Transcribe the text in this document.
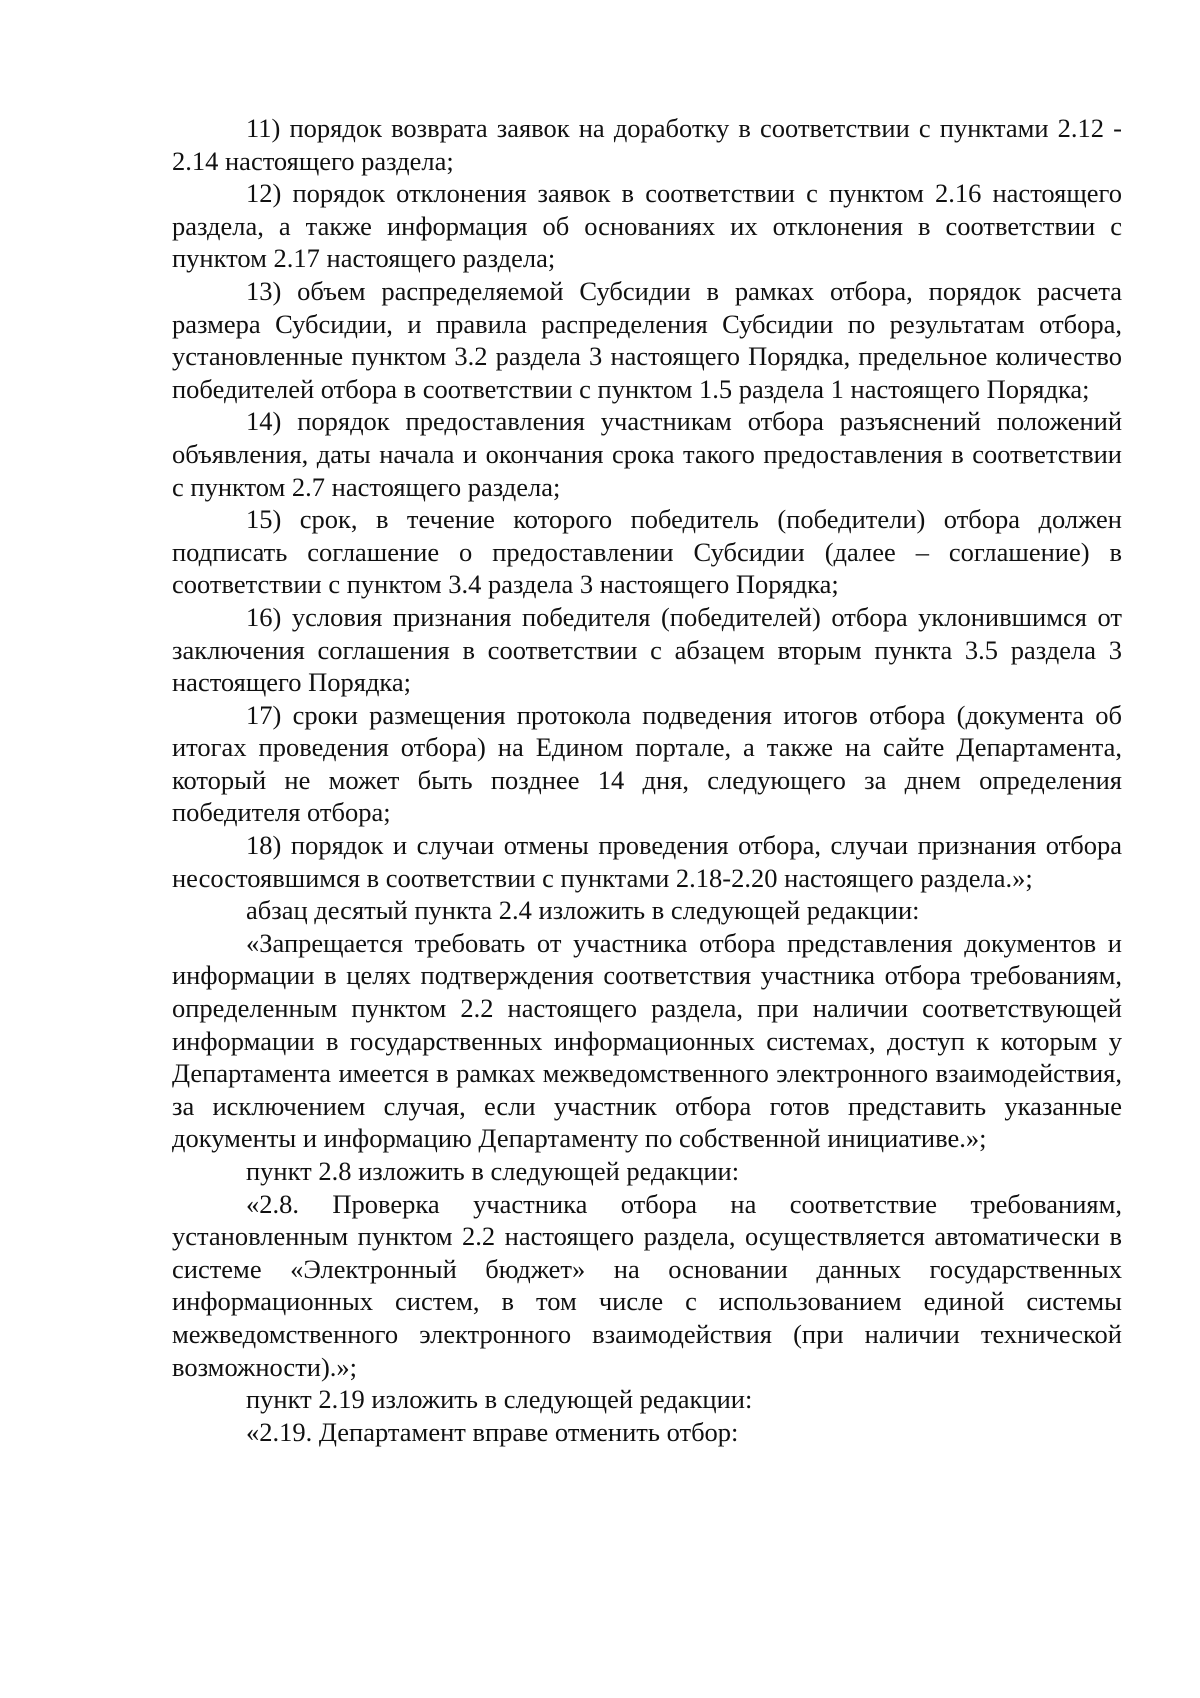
11) порядок возврата заявок на доработку в соответствии с пунктами 2.12 - 2.14 настоящего раздела;

12) порядок отклонения заявок в соответствии с пунктом 2.16 настоящего раздела, а также информация об основаниях их отклонения в соответствии с пунктом 2.17 настоящего раздела;

13) объем распределяемой Субсидии в рамках отбора, порядок расчета размера Субсидии, и правила распределения Субсидии по результатам отбора, установленные пунктом 3.2 раздела 3 настоящего Порядка, предельное количество победителей отбора в соответствии с пунктом 1.5 раздела 1 настоящего Порядка;

14) порядок предоставления участникам отбора разъяснений положений объявления, даты начала и окончания срока такого предоставления в соответствии с пунктом 2.7 настоящего раздела;

15) срок, в течение которого победитель (победители) отбора должен подписать соглашение о предоставлении Субсидии (далее – соглашение) в соответствии с пунктом 3.4 раздела 3 настоящего Порядка;

16) условия признания победителя (победителей) отбора уклонившимся от заключения соглашения в соответствии с абзацем вторым пункта 3.5 раздела 3 настоящего Порядка;

17) сроки размещения протокола подведения итогов отбора (документа об итогах проведения отбора) на Едином портале, а также на сайте Департамента, который не может быть позднее 14 дня, следующего за днем определения победителя отбора;

18) порядок и случаи отмены проведения отбора, случаи признания отбора несостоявшимся в соответствии с пунктами 2.18-2.20 настоящего раздела.»;

абзац десятый пункта 2.4 изложить в следующей редакции:

«Запрещается требовать от участника отбора представления документов и информации в целях подтверждения соответствия участника отбора требованиям, определенным пунктом 2.2 настоящего раздела, при наличии соответствующей информации в государственных информационных системах, доступ к которым у Департамента имеется в рамках межведомственного электронного взаимодействия, за исключением случая, если участник отбора готов представить указанные документы и информацию Департаменту по собственной инициативе.»;

пункт 2.8 изложить в следующей редакции:

«2.8. Проверка участника отбора на соответствие требованиям, установленным пунктом 2.2 настоящего раздела, осуществляется автоматически в системе «Электронный бюджет» на основании данных государственных информационных систем, в том числе с использованием единой системы межведомственного электронного взаимодействия (при наличии технической возможности).»;

пункт 2.19 изложить в следующей редакции:

«2.19. Департамент вправе отменить отбор:
